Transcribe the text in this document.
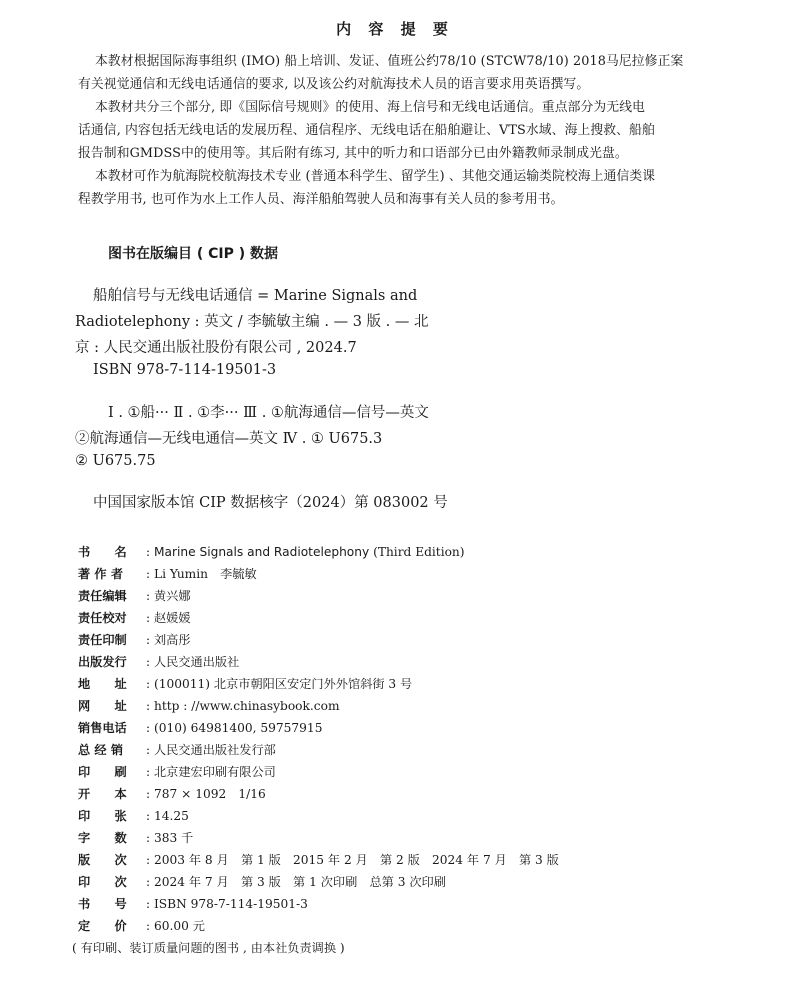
内 容 提 要
本教材根据国际海事组织 (IMO) 船上培训、发证、值班公约78/10 (STCW78/10) 2018马尼拉修正案
有关视觉通信和无线电话通信的要求, 以及该公约对航海技术人员的语言要求用英语撰写。
本教材共分三个部分, 即《国际信号规则》的使用、海上信号和无线电话通信。重点部分为无线电
话通信, 内容包括无线电话的发展历程、通信程序、无线电话在船舶避让、VTS水域、海上搜救、船舶
报告制和GMDSS中的使用等。其后附有练习, 其中的听力和口语部分已由外籍教师录制成光盘。
本教材可作为航海院校航海技术专业 (普通本科学生、留学生) 、其他交通运输类院校海上通信类课
程教学用书, 也可作为水上工作人员、海洋船舶驾驶人员和海事有关人员的参考用书。
图书在版编目 ( CIP ) 数据
船舶信号与无线电话通信 = Marine Signals and
Radiotelephony : 英文 / 李毓敏主编 . — 3 版 . — 北
京 : 人民交通出版社股份有限公司 , 2024.7
ISBN 978-7-114-19501-3
Ⅰ . ①船··· Ⅱ . ①李··· Ⅲ . ①航海通信—信号—英文
②航海通信—无线电通信—英文 Ⅳ . ① U675.3
② U675.75
中国国家版本馆 CIP 数据核字（2024）第 083002 号
书　　名 : Marine Signals and Radiotelephony (Third Edition)
著 作 者 : Li Yumin　李毓敏
责任编辑 : 黄兴娜
责任校对 : 赵媛媛
责任印制 : 刘高彤
出版发行 : 人民交通出版社
地　　址 : (100011) 北京市朝阳区安定门外外馆斜街 3 号
网　　址 : http : //www.chinasybook.com
销售电话 : (010) 64981400, 59757915
总 经 销 : 人民交通出版社发行部
印　　刷 : 北京建宏印刷有限公司
开　　本 : 787 × 1092　1/16
印　　张 : 14.25
字　　数 : 383 千
版　　次 : 2003 年 8 月　第 1 版　2015 年 2 月　第 2 版　2024 年 7 月　第 3 版
印　　次 : 2024 年 7 月　第 3 版　第 1 次印刷　总第 3 次印刷
书　　号 : ISBN 978-7-114-19501-3
定　　价 : 60.00 元
( 有印刷、装订质量问题的图书 , 由本社负责调换 )
